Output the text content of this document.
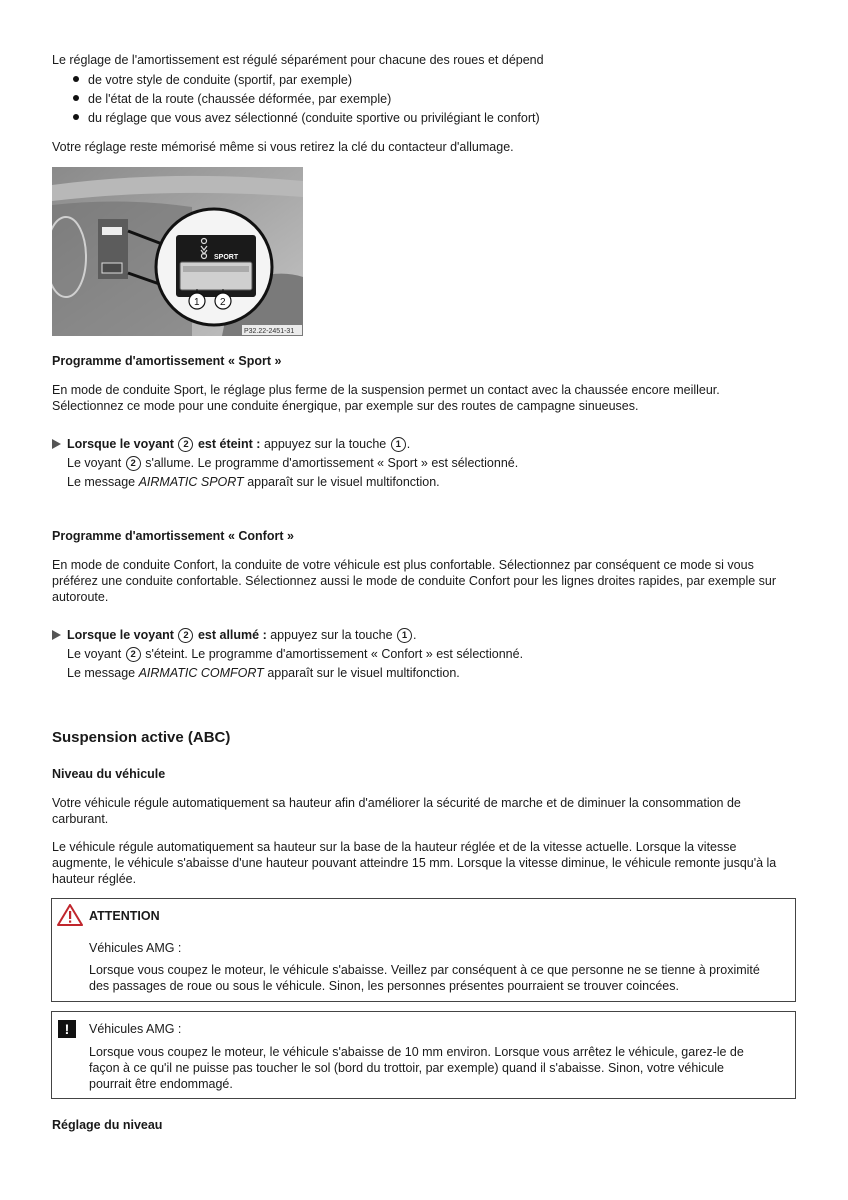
Le réglage de l'amortissement est régulé séparément pour chacune des roues et dépend

de votre style de conduite (sportif, par exemple)
de l'état de la route (chaussée déformée, par exemple)
du réglage que vous avez sélectionné (conduite sportive ou privilégiant le confort)

Votre réglage reste mémorisé même si vous retirez la clé du contacteur d'allumage.

SPORT
1 2
P32.22-2451-31

Programme d'amortissement « Sport »

En mode de conduite Sport, le réglage plus ferme de la suspension permet un contact avec la chaussée encore meilleur.

Sélectionnez ce mode pour une conduite énergique, par exemple sur des routes de campagne sinueuses.

Lorsque le voyant 2 est éteint : appuyez sur la touche 1 .
Le voyant 2 s'allume. Le programme d'amortissement « Sport » est sélectionné.
Le message AIRMATIC SPORT apparaît sur le visuel multifonction.

Programme d'amortissement « Confort »

En mode de conduite Confort, la conduite de votre véhicule est plus confortable. Sélectionnez par conséquent ce mode si vous

préférez une conduite confortable. Sélectionnez aussi le mode de conduite Confort pour les lignes droites rapides, par exemple sur

autoroute.

Lorsque le voyant 2 est allumé : appuyez sur la touche 1 .
Le voyant 2 s'éteint. Le programme d'amortissement « Confort » est sélectionné.
Le message AIRMATIC COMFORT apparaît sur le visuel multifonction.

Suspension active (ABC)

Niveau du véhicule

Votre véhicule régule automatiquement sa hauteur afin d'améliorer la sécurité de marche et de diminuer la consommation de

carburant.

Le véhicule régule automatiquement sa hauteur sur la base de la hauteur réglée et de la vitesse actuelle. Lorsque la vitesse

augmente, le véhicule s'abaisse d'une hauteur pouvant atteindre 15 mm. Lorsque la vitesse diminue, le véhicule remonte jusqu'à la

hauteur réglée.

ATTENTION

Véhicules AMG :

Lorsque vous coupez le moteur, le véhicule s'abaisse. Veillez par conséquent à ce que personne ne se tienne à proximité

des passages de roue ou sous le véhicule. Sinon, les personnes présentes pourraient se trouver coincées.

!	Véhicules AMG :

Lorsque vous coupez le moteur, le véhicule s'abaisse de 10 mm environ. Lorsque vous arrêtez le véhicule, garez-le de

façon à ce qu'il ne puisse pas toucher le sol (bord du trottoir, par exemple) quand il s'abaisse. Sinon, votre véhicule

pourrait être endommagé.

Réglage du niveau
